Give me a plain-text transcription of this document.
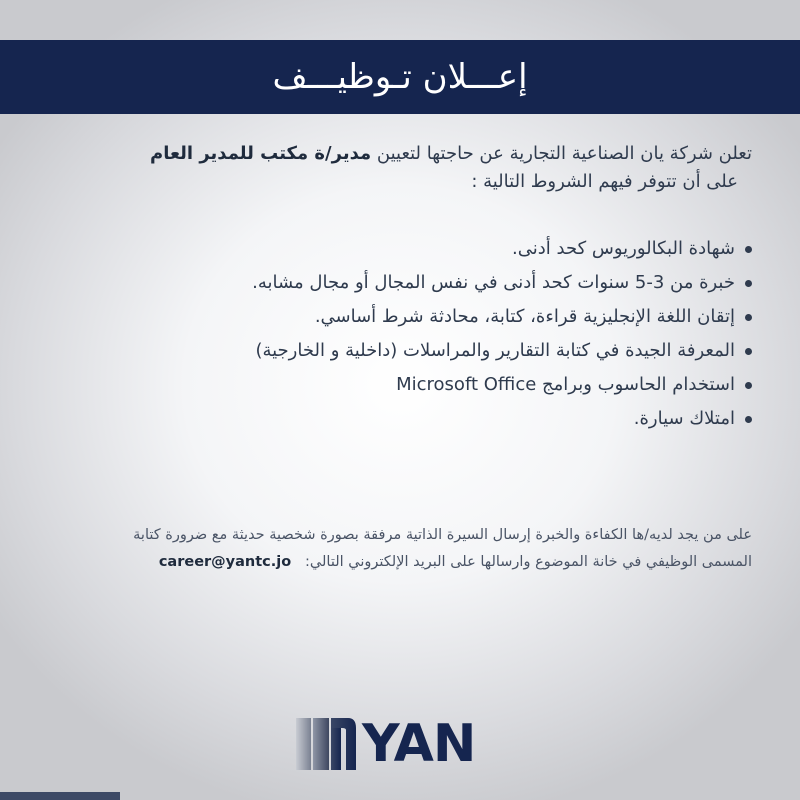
إعـــلان تـوظيـــف
تعلن شركة يان الصناعية التجارية عن حاجتها لتعيين مدير/ة مكتب للمدير العام
على أن تتوفر فيهم الشروط التالية :
شهادة البكالوريوس كحد أدنى.
خبرة من 3-5 سنوات كحد أدنى في نفس المجال أو مجال مشابه.
إتقان اللغة الإنجليزية قراءة، كتابة، محادثة شرط أساسي.
المعرفة الجيدة في كتابة التقارير والمراسلات (داخلية و الخارجية)
استخدام الحاسوب وبرامج Microsoft Office
امتلاك سيارة.
على من يجد لديه/ها الكفاءة والخبرة إرسال السيرة الذاتية مرفقة بصورة شخصية حديثة مع ضرورة كتابة
المسمى الوظيفي في خانة الموضوع وارسالها على البريد الإلكتروني التالي:   career@yantc.jo
YAN
